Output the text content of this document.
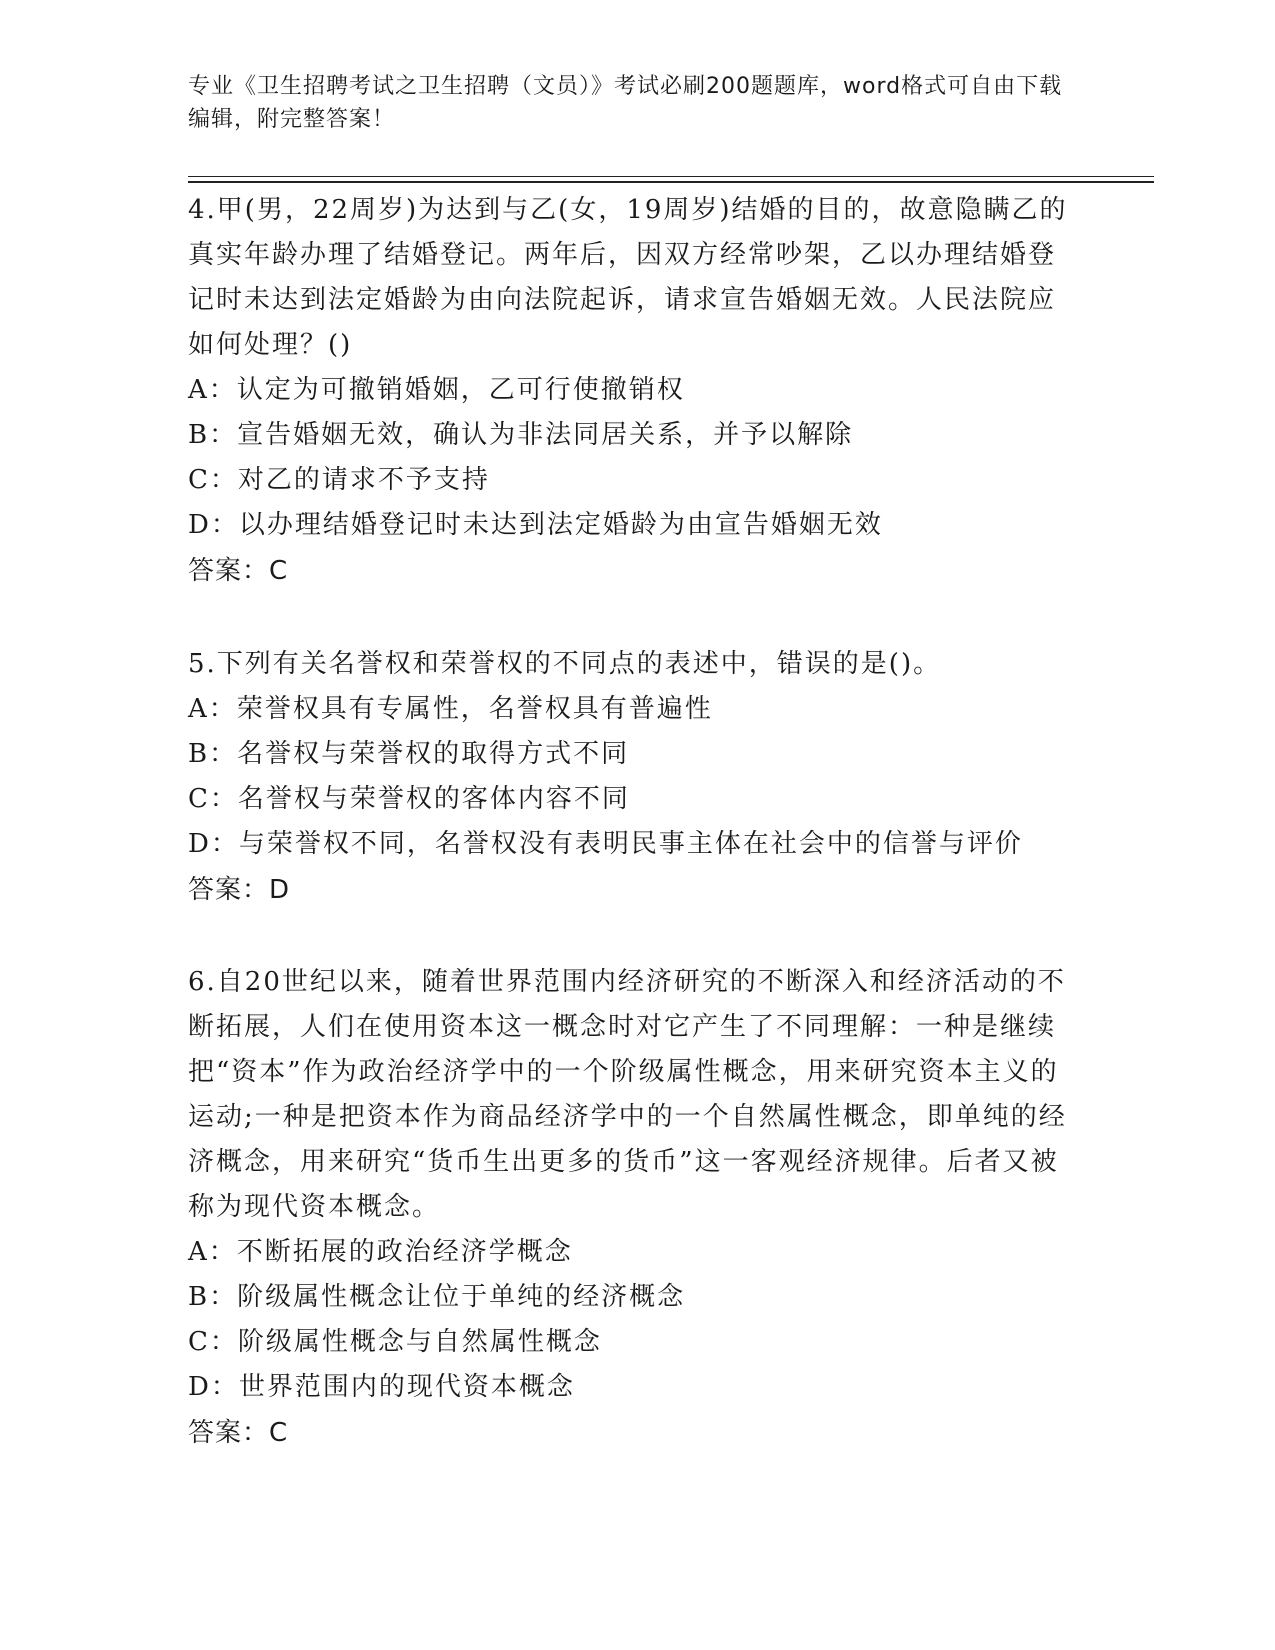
专业《卫生招聘考试之卫生招聘（文员）》考试必刷200题题库，word格式可自由下载编辑，附完整答案！

4.甲(男，22周岁)为达到与乙(女，19周岁)结婚的目的，故意隐瞒乙的真实年龄办理了结婚登记。两年后，因双方经常吵架，乙以办理结婚登记时未达到法定婚龄为由向法院起诉，请求宣告婚姻无效。人民法院应如何处理？()

A：认定为可撤销婚姻，乙可行使撤销权

B：宣告婚姻无效，确认为非法同居关系，并予以解除

C：对乙的请求不予支持

D：以办理结婚登记时未达到法定婚龄为由宣告婚姻无效

答案：C

5.下列有关名誉权和荣誉权的不同点的表述中，错误的是()。

A：荣誉权具有专属性，名誉权具有普遍性

B：名誉权与荣誉权的取得方式不同

C：名誉权与荣誉权的客体内容不同

D：与荣誉权不同，名誉权没有表明民事主体在社会中的信誉与评价

答案：D

6.自20世纪以来，随着世界范围内经济研究的不断深入和经济活动的不断拓展，人们在使用资本这一概念时对它产生了不同理解：一种是继续把“资本”作为政治经济学中的一个阶级属性概念，用来研究资本主义的运动;一种是把资本作为商品经济学中的一个自然属性概念，即单纯的经济概念，用来研究“货币生出更多的货币”这一客观经济规律。后者又被称为现代资本概念。

A：不断拓展的政治经济学概念

B：阶级属性概念让位于单纯的经济概念

C：阶级属性概念与自然属性概念

D：世界范围内的现代资本概念

答案：C
